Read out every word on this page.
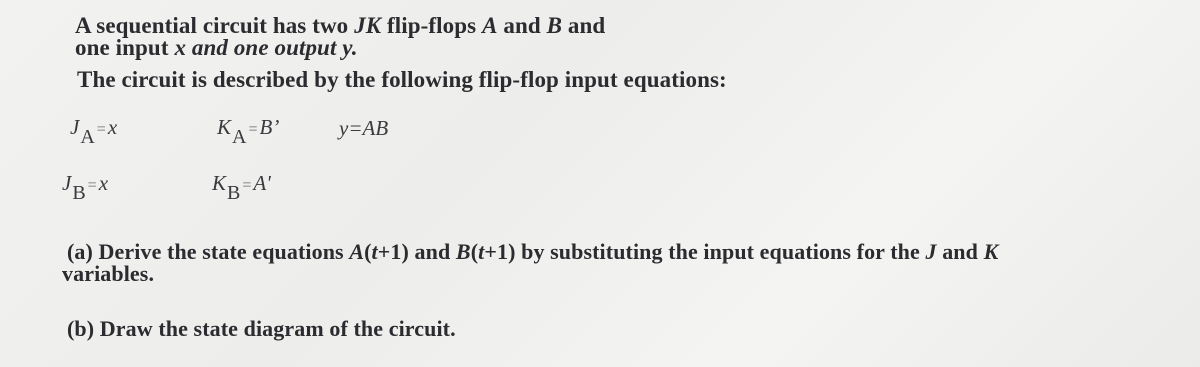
A sequential circuit has two JK flip-flops A and B and
one input x and one output y.
The circuit is described by the following flip-flop input equations:
JA =x	KA =B’	y=AB
JB =x	KB =A'
(a) Derive the state equations A(t+1) and B(t+1) by substituting the input equations for the J and K
variables.
(b) Draw the state diagram of the circuit.
